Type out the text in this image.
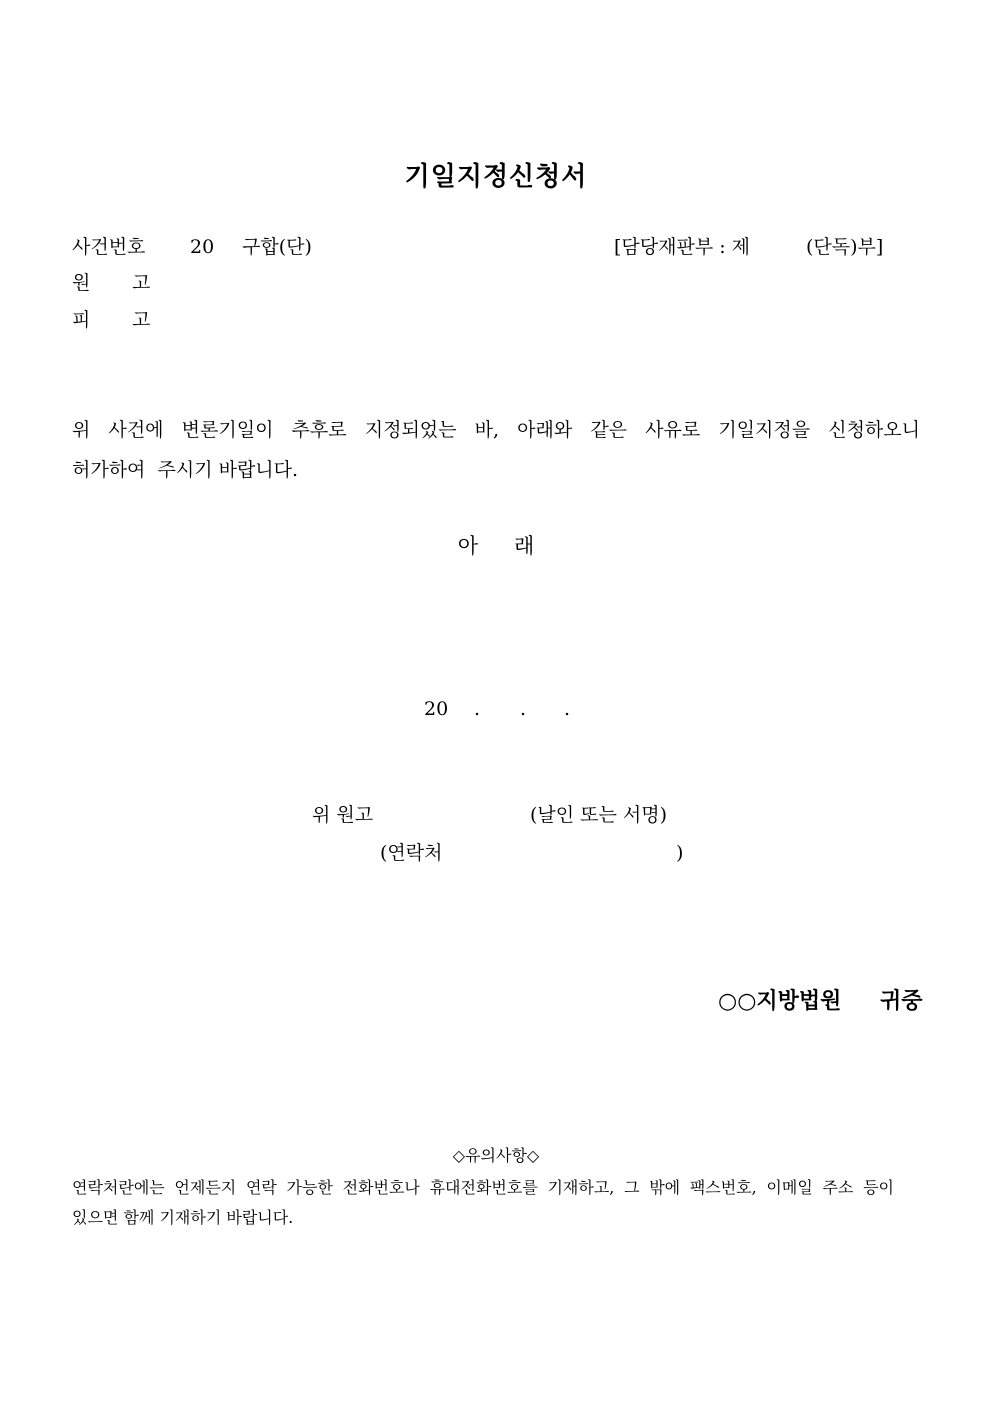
기일지정신청서
사건번호 20 구합(단)	[담당재판부 : 제	(단독)부]
원 고
피 고
위 사건에 변론기일이 추후로 지정되었는 바, 아래와 같은 사유로 기일지정을 신청하오니
허가하여  주시기 바랍니다.
아 래
20 . . .
위 원고	(날인 또는 서명)
(연락처	)
○○지방법원 귀중
◇유의사항◇
연락처란에는 언제든지 연락 가능한 전화번호나 휴대전화번호를 기재하고, 그 밖에 팩스번호, 이메일 주소 등이
있으면 함께 기재하기 바랍니다.
